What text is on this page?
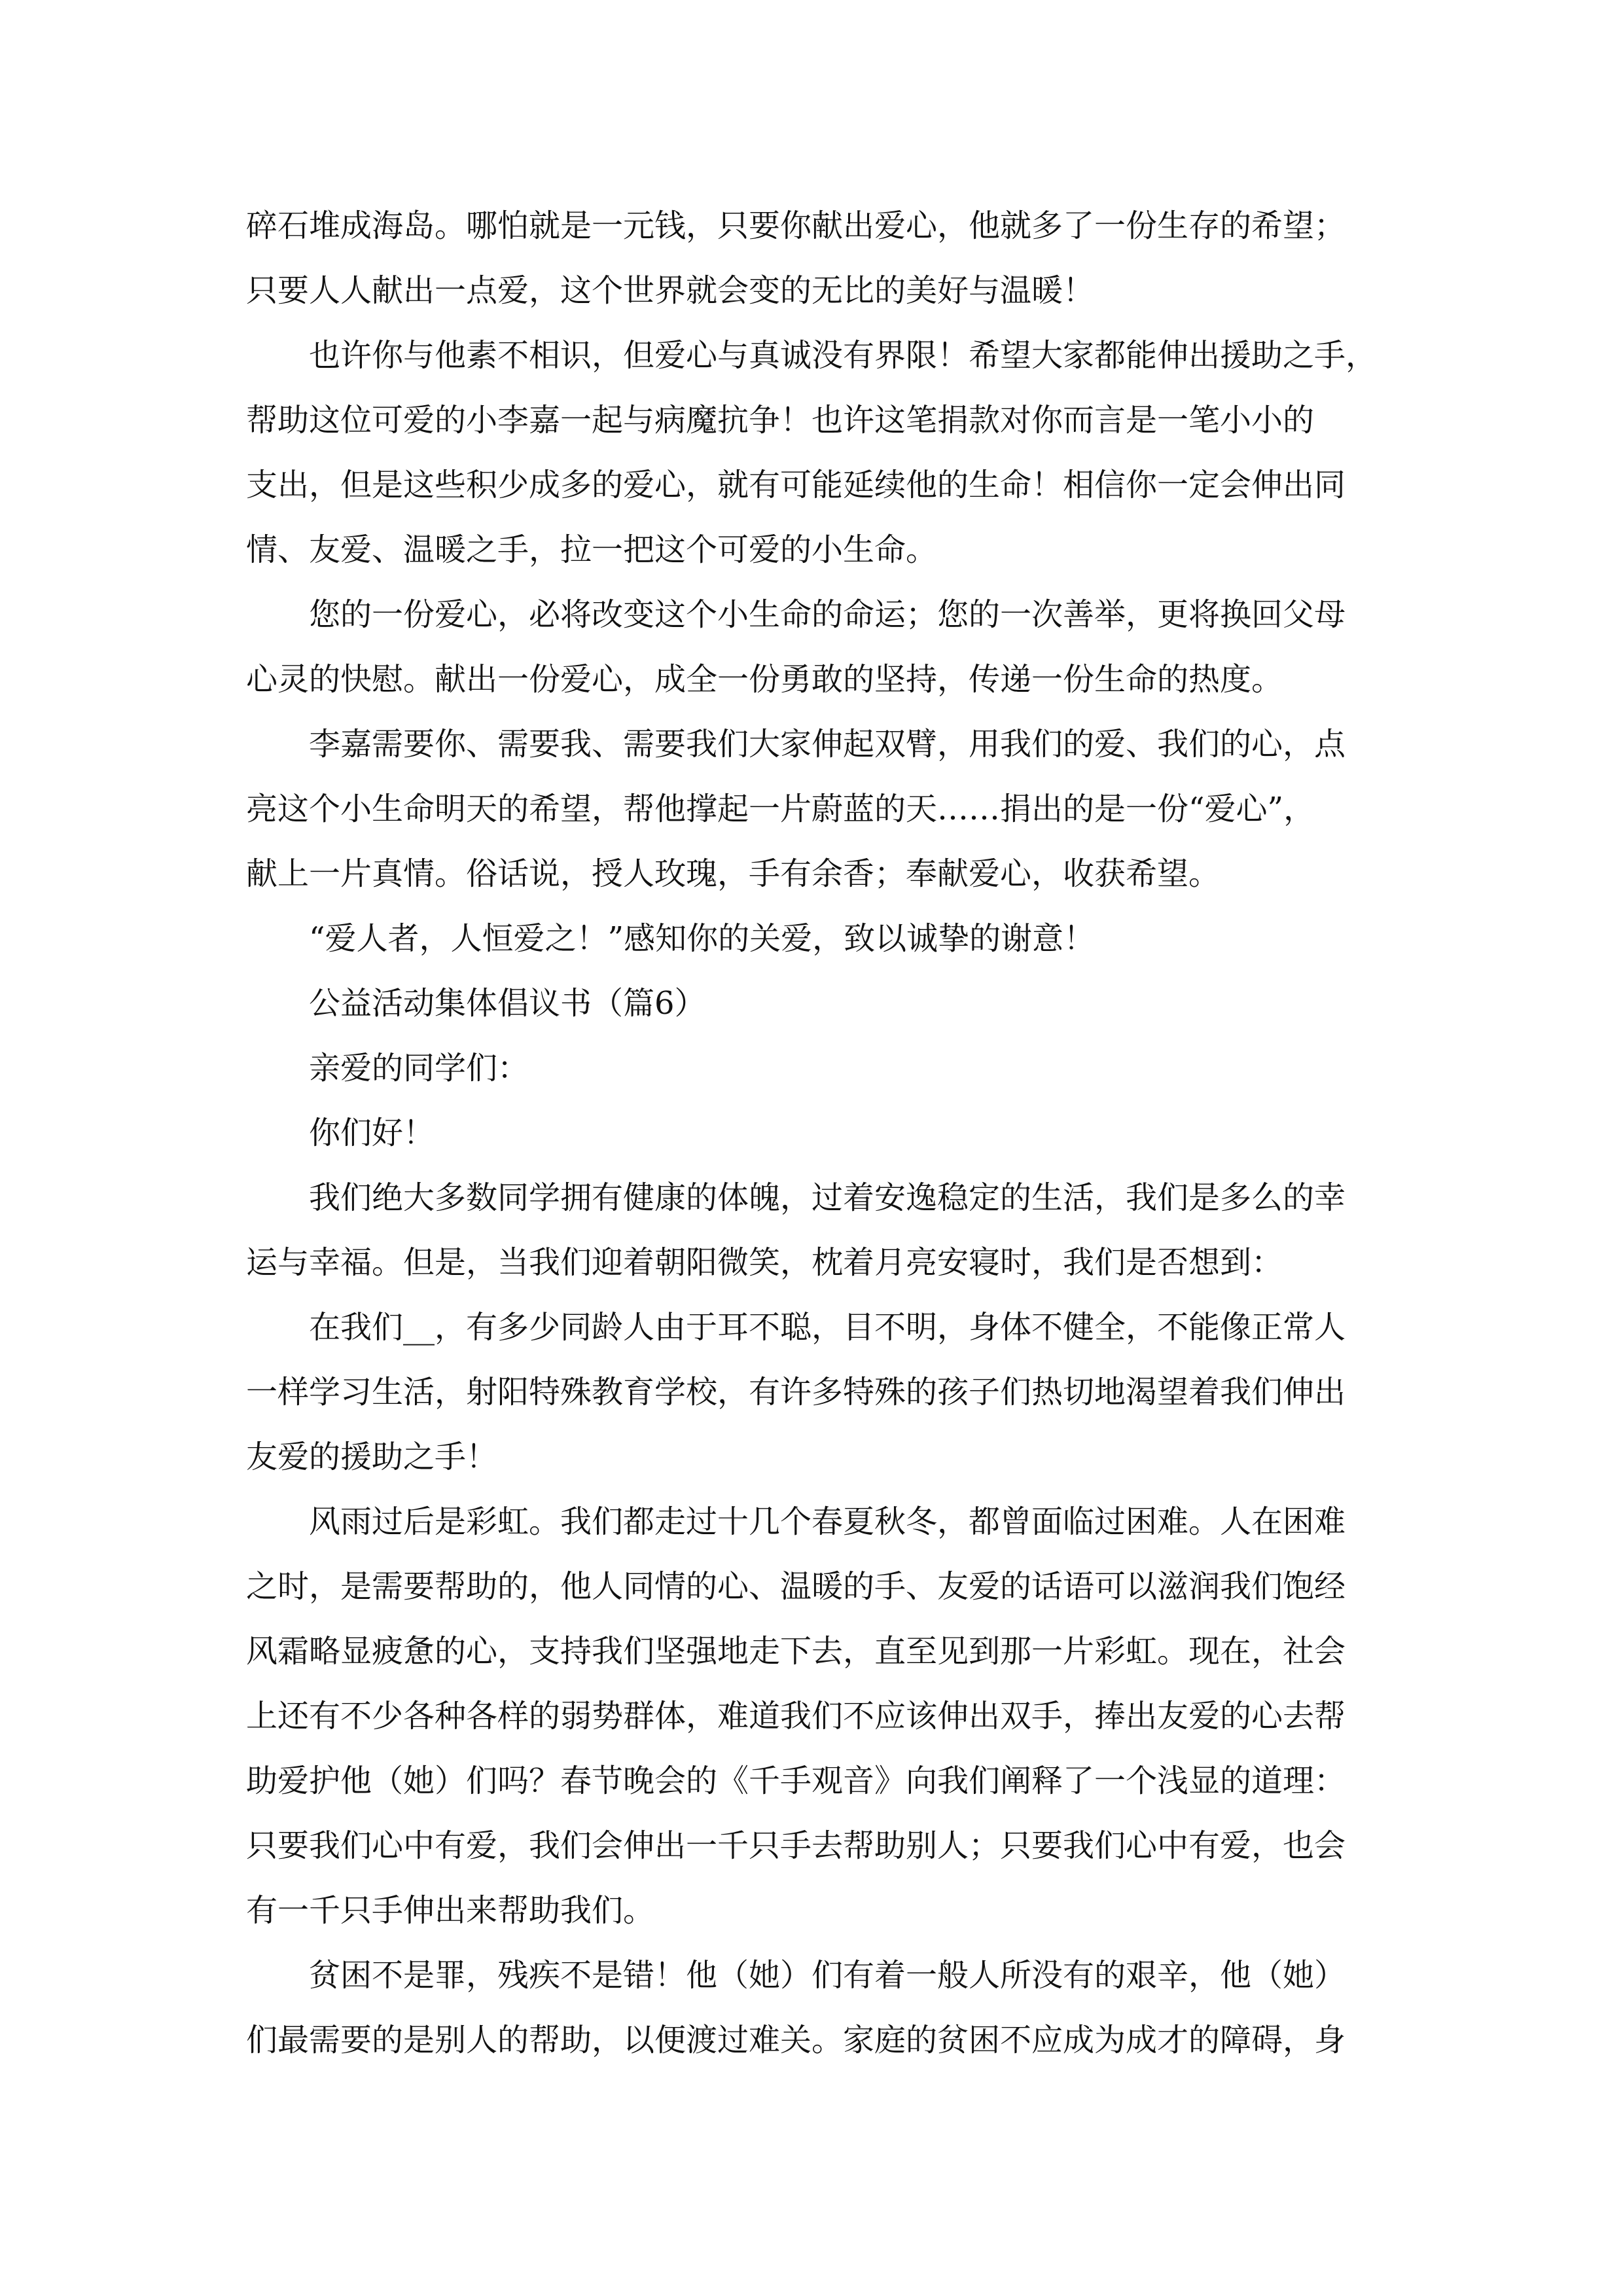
碎石堆成海岛。哪怕就是一元钱，只要你献出爱心，他就多了一份生存的希望；
只要人人献出一点爱，这个世界就会变的无比的美好与温暖！
　　也许你与他素不相识，但爱心与真诚没有界限！希望大家都能伸出援助之手，
帮助这位可爱的小李嘉一起与病魔抗争！也许这笔捐款对你而言是一笔小小的
支出，但是这些积少成多的爱心，就有可能延续他的生命！相信你一定会伸出同
情、友爱、温暖之手，拉一把这个可爱的小生命。
　　您的一份爱心，必将改变这个小生命的命运；您的一次善举，更将换回父母
心灵的快慰。献出一份爱心，成全一份勇敢的坚持，传递一份生命的热度。
　　李嘉需要你、需要我、需要我们大家伸起双臂，用我们的爱、我们的心，点
亮这个小生命明天的希望，帮他撑起一片蔚蓝的天……捐出的是一份“爱心”，
献上一片真情。俗话说，授人玫瑰，手有余香；奉献爱心，收获希望。
　　“爱人者，人恒爱之！”感知你的关爱，致以诚挚的谢意！
　　公益活动集体倡议书（篇6）
　　亲爱的同学们：
　　你们好！
　　我们绝大多数同学拥有健康的体魄，过着安逸稳定的生活，我们是多么的幸
运与幸福。但是，当我们迎着朝阳微笑，枕着月亮安寝时，我们是否想到：
　　在我们__，有多少同龄人由于耳不聪，目不明，身体不健全，不能像正常人
一样学习生活，射阳特殊教育学校，有许多特殊的孩子们热切地渴望着我们伸出
友爱的援助之手！
　　风雨过后是彩虹。我们都走过十几个春夏秋冬，都曾面临过困难。人在困难
之时，是需要帮助的，他人同情的心、温暖的手、友爱的话语可以滋润我们饱经
风霜略显疲惫的心，支持我们坚强地走下去，直至见到那一片彩虹。现在，社会
上还有不少各种各样的弱势群体，难道我们不应该伸出双手，捧出友爱的心去帮
助爱护他（她）们吗？春节晚会的《千手观音》向我们阐释了一个浅显的道理：
只要我们心中有爱，我们会伸出一千只手去帮助别人；只要我们心中有爱，也会
有一千只手伸出来帮助我们。
　　贫困不是罪，残疾不是错！他（她）们有着一般人所没有的艰辛，他（她）
们最需要的是别人的帮助，以便渡过难关。家庭的贫困不应成为成才的障碍，身
